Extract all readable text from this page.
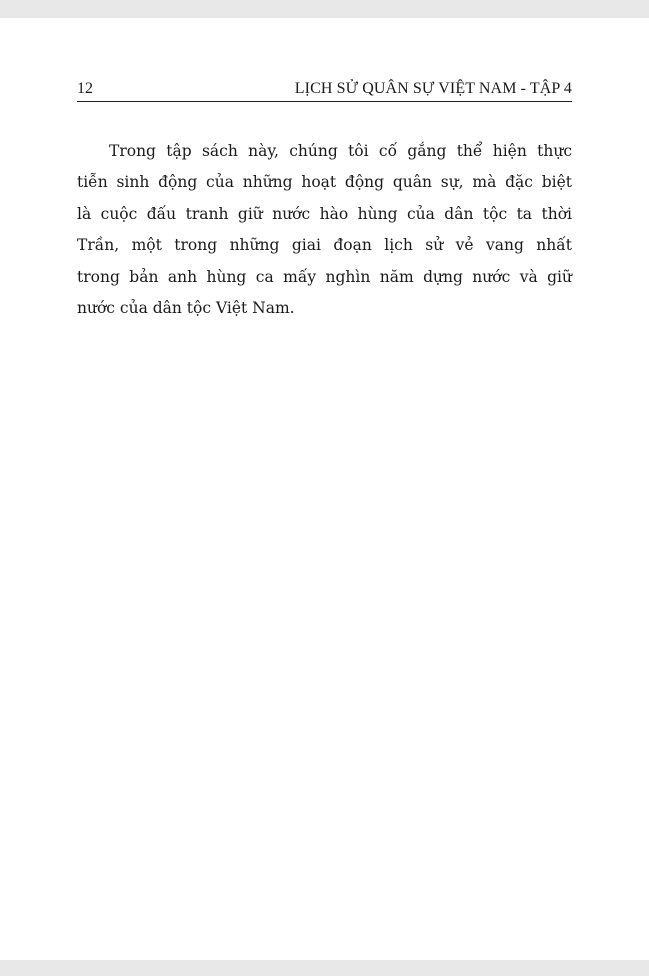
12	LỊCH SỬ QUÂN SỰ VIỆT NAM - TẬP 4
Trong tập sách này, chúng tôi cố gắng thể hiện thực
tiễn sinh động của những hoạt động quân sự, mà đặc biệt
là cuộc đấu tranh giữ nước hào hùng của dân tộc ta thời
Trần, một trong những giai đoạn lịch sử vẻ vang nhất
trong bản anh hùng ca mấy nghìn năm dựng nước và giữ
nước của dân tộc Việt Nam.
